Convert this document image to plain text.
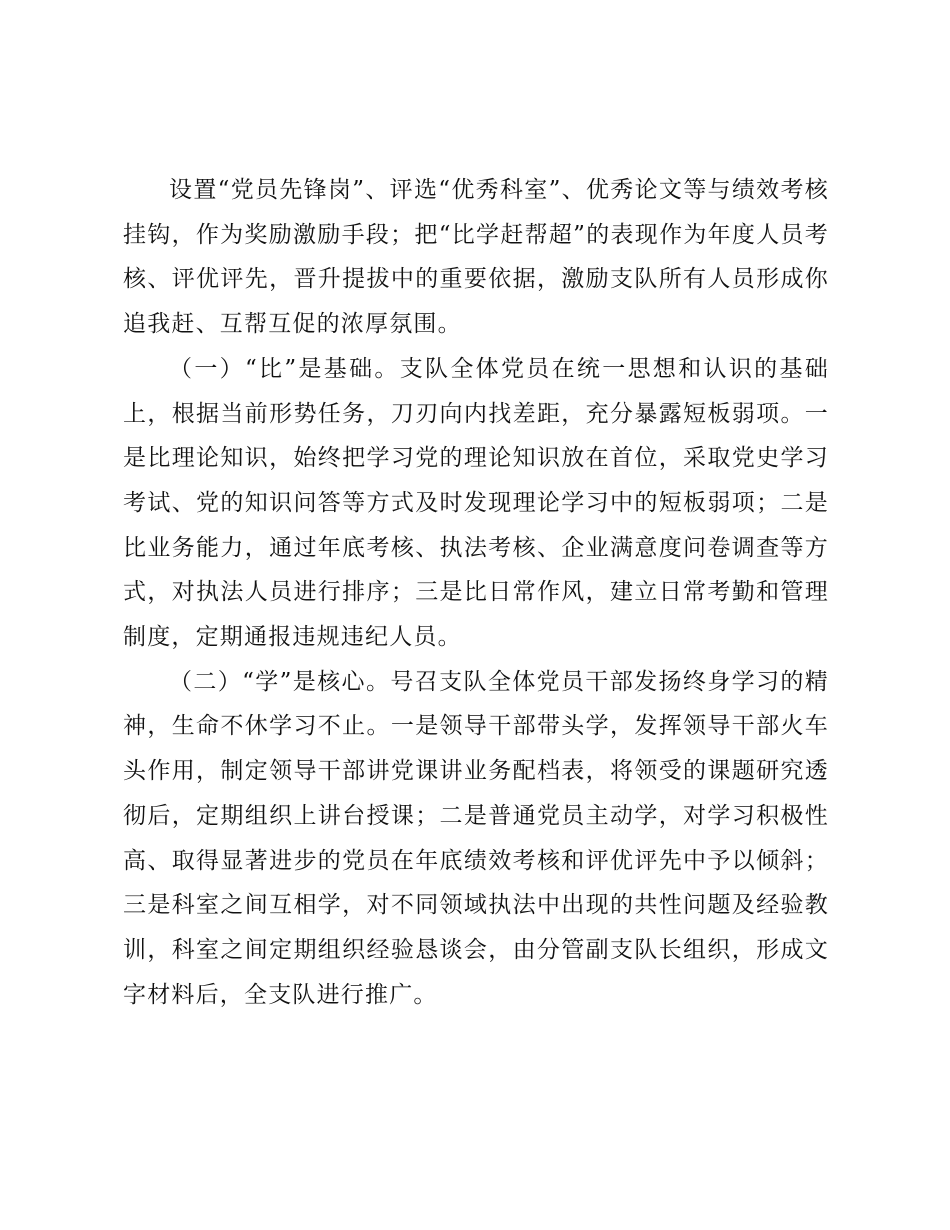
设置“党员先锋岗”、评选“优秀科室”、优秀论文等与绩效考核挂钩，作为奖励激励手段；把“比学赶帮超”的表现作为年度人员考核、评优评先，晋升提拔中的重要依据，激励支队所有人员形成你追我赶、互帮互促的浓厚氛围。

（一）“比”是基础。支队全体党员在统一思想和认识的基础上，根据当前形势任务，刀刃向内找差距，充分暴露短板弱项。一是比理论知识，始终把学习党的理论知识放在首位，采取党史学习考试、党的知识问答等方式及时发现理论学习中的短板弱项；二是比业务能力，通过年底考核、执法考核、企业满意度问卷调查等方式，对执法人员进行排序；三是比日常作风，建立日常考勤和管理制度，定期通报违规违纪人员。

（二）“学”是核心。号召支队全体党员干部发扬终身学习的精神，生命不休学习不止。一是领导干部带头学，发挥领导干部火车头作用，制定领导干部讲党课讲业务配档表，将领受的课题研究透彻后，定期组织上讲台授课；二是普通党员主动学，对学习积极性高、取得显著进步的党员在年底绩效考核和评优评先中予以倾斜；三是科室之间互相学，对不同领域执法中出现的共性问题及经验教训，科室之间定期组织经验恳谈会，由分管副支队长组织，形成文字材料后，全支队进行推广。
